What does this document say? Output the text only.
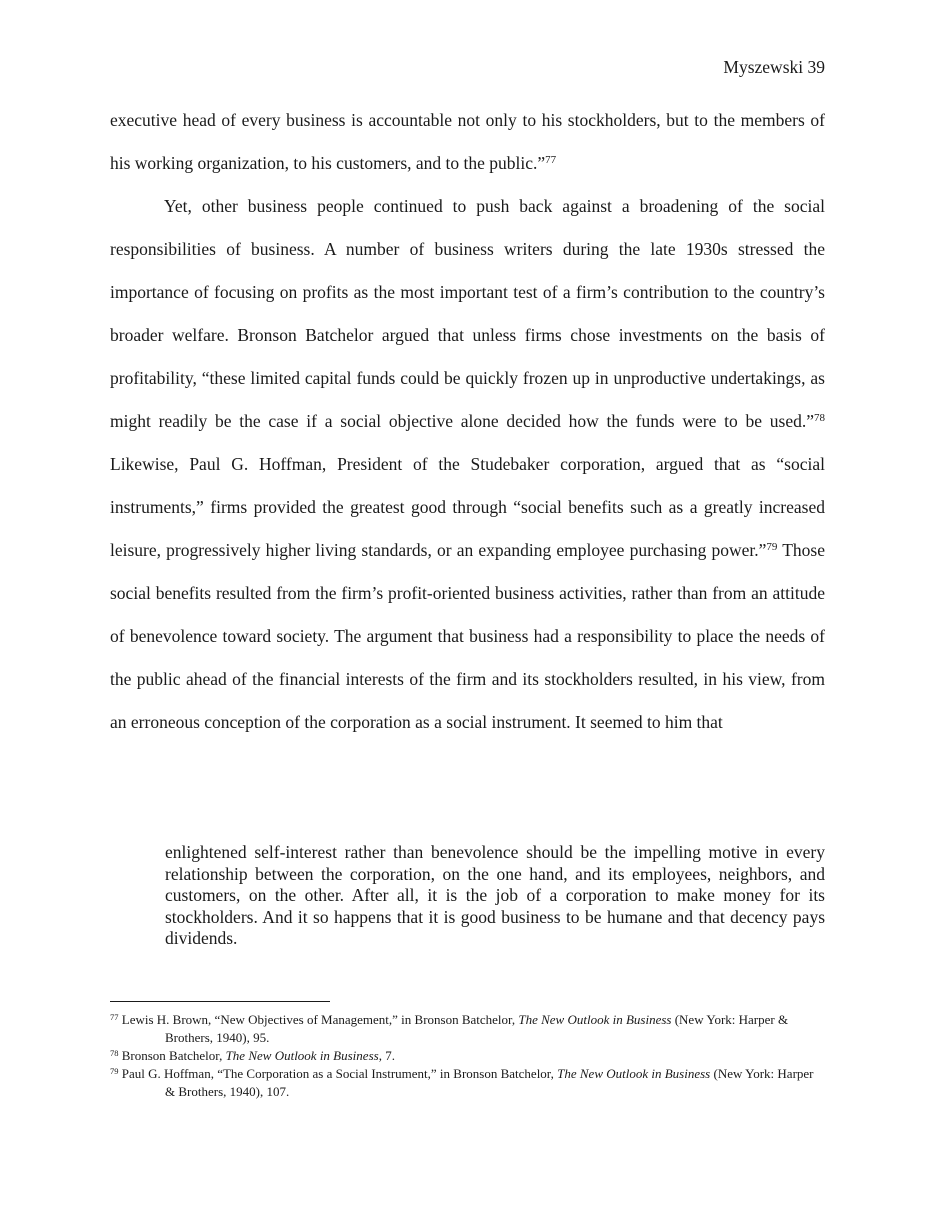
Myszewski 39

executive head of every business is accountable not only to his stockholders, but to the members of his working organization, to his customers, and to the public.”$^{77}$

Yet, other business people continued to push back against a broadening of the social responsibilities of business. A number of business writers during the late 1930s stressed the importance of focusing on profits as the most important test of a firm’s contribution to the country’s broader welfare. Bronson Batchelor argued that unless firms chose investments on the basis of profitability, “these limited capital funds could be quickly frozen up in unproductive undertakings, as might readily be the case if a social objective alone decided how the funds were to be used.”$^{78}$ Likewise, Paul G. Hoffman, President of the Studebaker corporation, argued that as “social instruments,” firms provided the greatest good through “social benefits such as a greatly increased leisure, progressively higher living standards, or an expanding employee purchasing power.”$^{79}$ Those social benefits resulted from the firm’s profit-oriented business activities, rather than from an attitude of benevolence toward society. The argument that business had a responsibility to place the needs of the public ahead of the financial interests of the firm and its stockholders resulted, in his view, from an erroneous conception of the corporation as a social instrument. It seemed to him that

enlightened self-interest rather than benevolence should be the impelling motive in every relationship between the corporation, on the one hand, and its employees, neighbors, and customers, on the other. After all, it is the job of a corporation to make money for its stockholders. And it so happens that it is good business to be humane and that decency pays dividends.
$^{77}$ Lewis H. Brown, “New Objectives of Management,” in Bronson Batchelor, The New Outlook in Business (New York: Harper & Brothers, 1940), 95.
$^{78}$ Bronson Batchelor, The New Outlook in Business, 7.
$^{79}$ Paul G. Hoffman, “The Corporation as a Social Instrument,” in Bronson Batchelor, The New Outlook in Business (New York: Harper & Brothers, 1940), 107.
